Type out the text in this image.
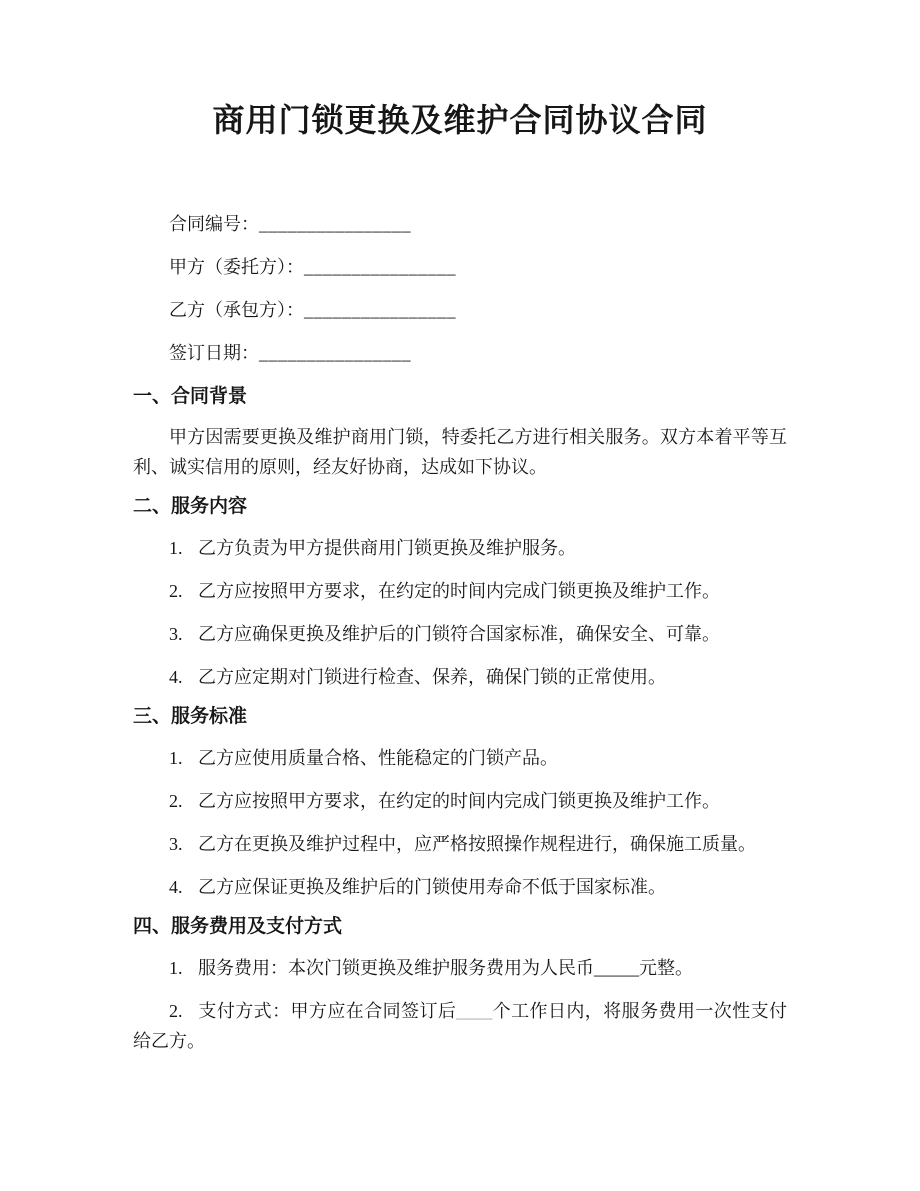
商用门锁更换及维护合同协议合同

合同编号：________________

甲方（委托方）：________________

乙方（承包方）：________________

签订日期：________________

一、合同背景

甲方因需要更换及维护商用门锁，特委托乙方进行相关服务。双方本着平等互利、诚实信用的原则，经友好协商，达成如下协议。

二、服务内容

1. 乙方负责为甲方提供商用门锁更换及维护服务。

2. 乙方应按照甲方要求，在约定的时间内完成门锁更换及维护工作。

3. 乙方应确保更换及维护后的门锁符合国家标准，确保安全、可靠。

4. 乙方应定期对门锁进行检查、保养，确保门锁的正常使用。

三、服务标准

1. 乙方应使用质量合格、性能稳定的门锁产品。

2. 乙方应按照甲方要求，在约定的时间内完成门锁更换及维护工作。

3. 乙方在更换及维护过程中，应严格按照操作规程进行，确保施工质量。

4. 乙方应保证更换及维护后的门锁使用寿命不低于国家标准。

四、服务费用及支付方式

1. 服务费用：本次门锁更换及维护服务费用为人民币_____元整。

2. 支付方式：甲方应在合同签订后____个工作日内，将服务费用一次性支付给乙方。
